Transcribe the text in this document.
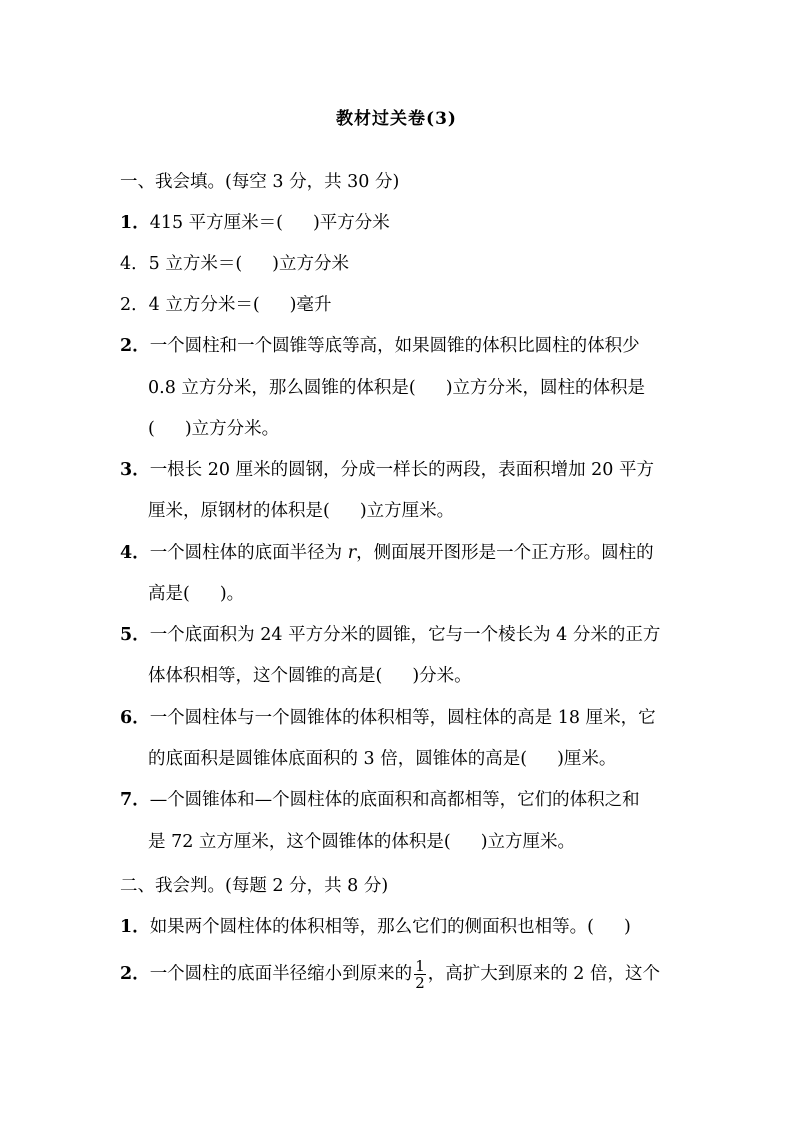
教材过关卷(3)
一、我会填。(每空 3 分，共 30 分)
1．415 平方厘米＝( )平方分米
4．5 立方米＝( )立方分米
2．4 立方分米＝( )毫升
2．一个圆柱和一个圆锥等底等高，如果圆锥的体积比圆柱的体积少
0.8 立方分米，那么圆锥的体积是( )立方分米，圆柱的体积是
( )立方分米。
3．一根长 20 厘米的圆钢，分成一样长的两段，表面积增加 20 平方
厘米，原钢材的体积是( )立方厘米。
4．一个圆柱体的底面半径为 r，侧面展开图形是一个正方形。圆柱的
高是( )。
5．一个底面积为 24 平方分米的圆锥，它与一个棱长为 4 分米的正方
体体积相等，这个圆锥的高是( )分米。
6．一个圆柱体与一个圆锥体的体积相等，圆柱体的高是 18 厘米，它
的底面积是圆锥体底面积的 3 倍，圆锥体的高是( )厘米。
7．—个圆锥体和—个圆柱体的底面积和高都相等，它们的体积之和
是 72 立方厘米，这个圆锥体的体积是( )立方厘米。
二、我会判。(每题 2 分，共 8 分)
1．如果两个圆柱体的体积相等，那么它们的侧面积也相等。( )
2．一个圆柱的底面半径缩小到原来的 $\frac{1}{2}$ ，高扩大到原来的 2 倍，这个
